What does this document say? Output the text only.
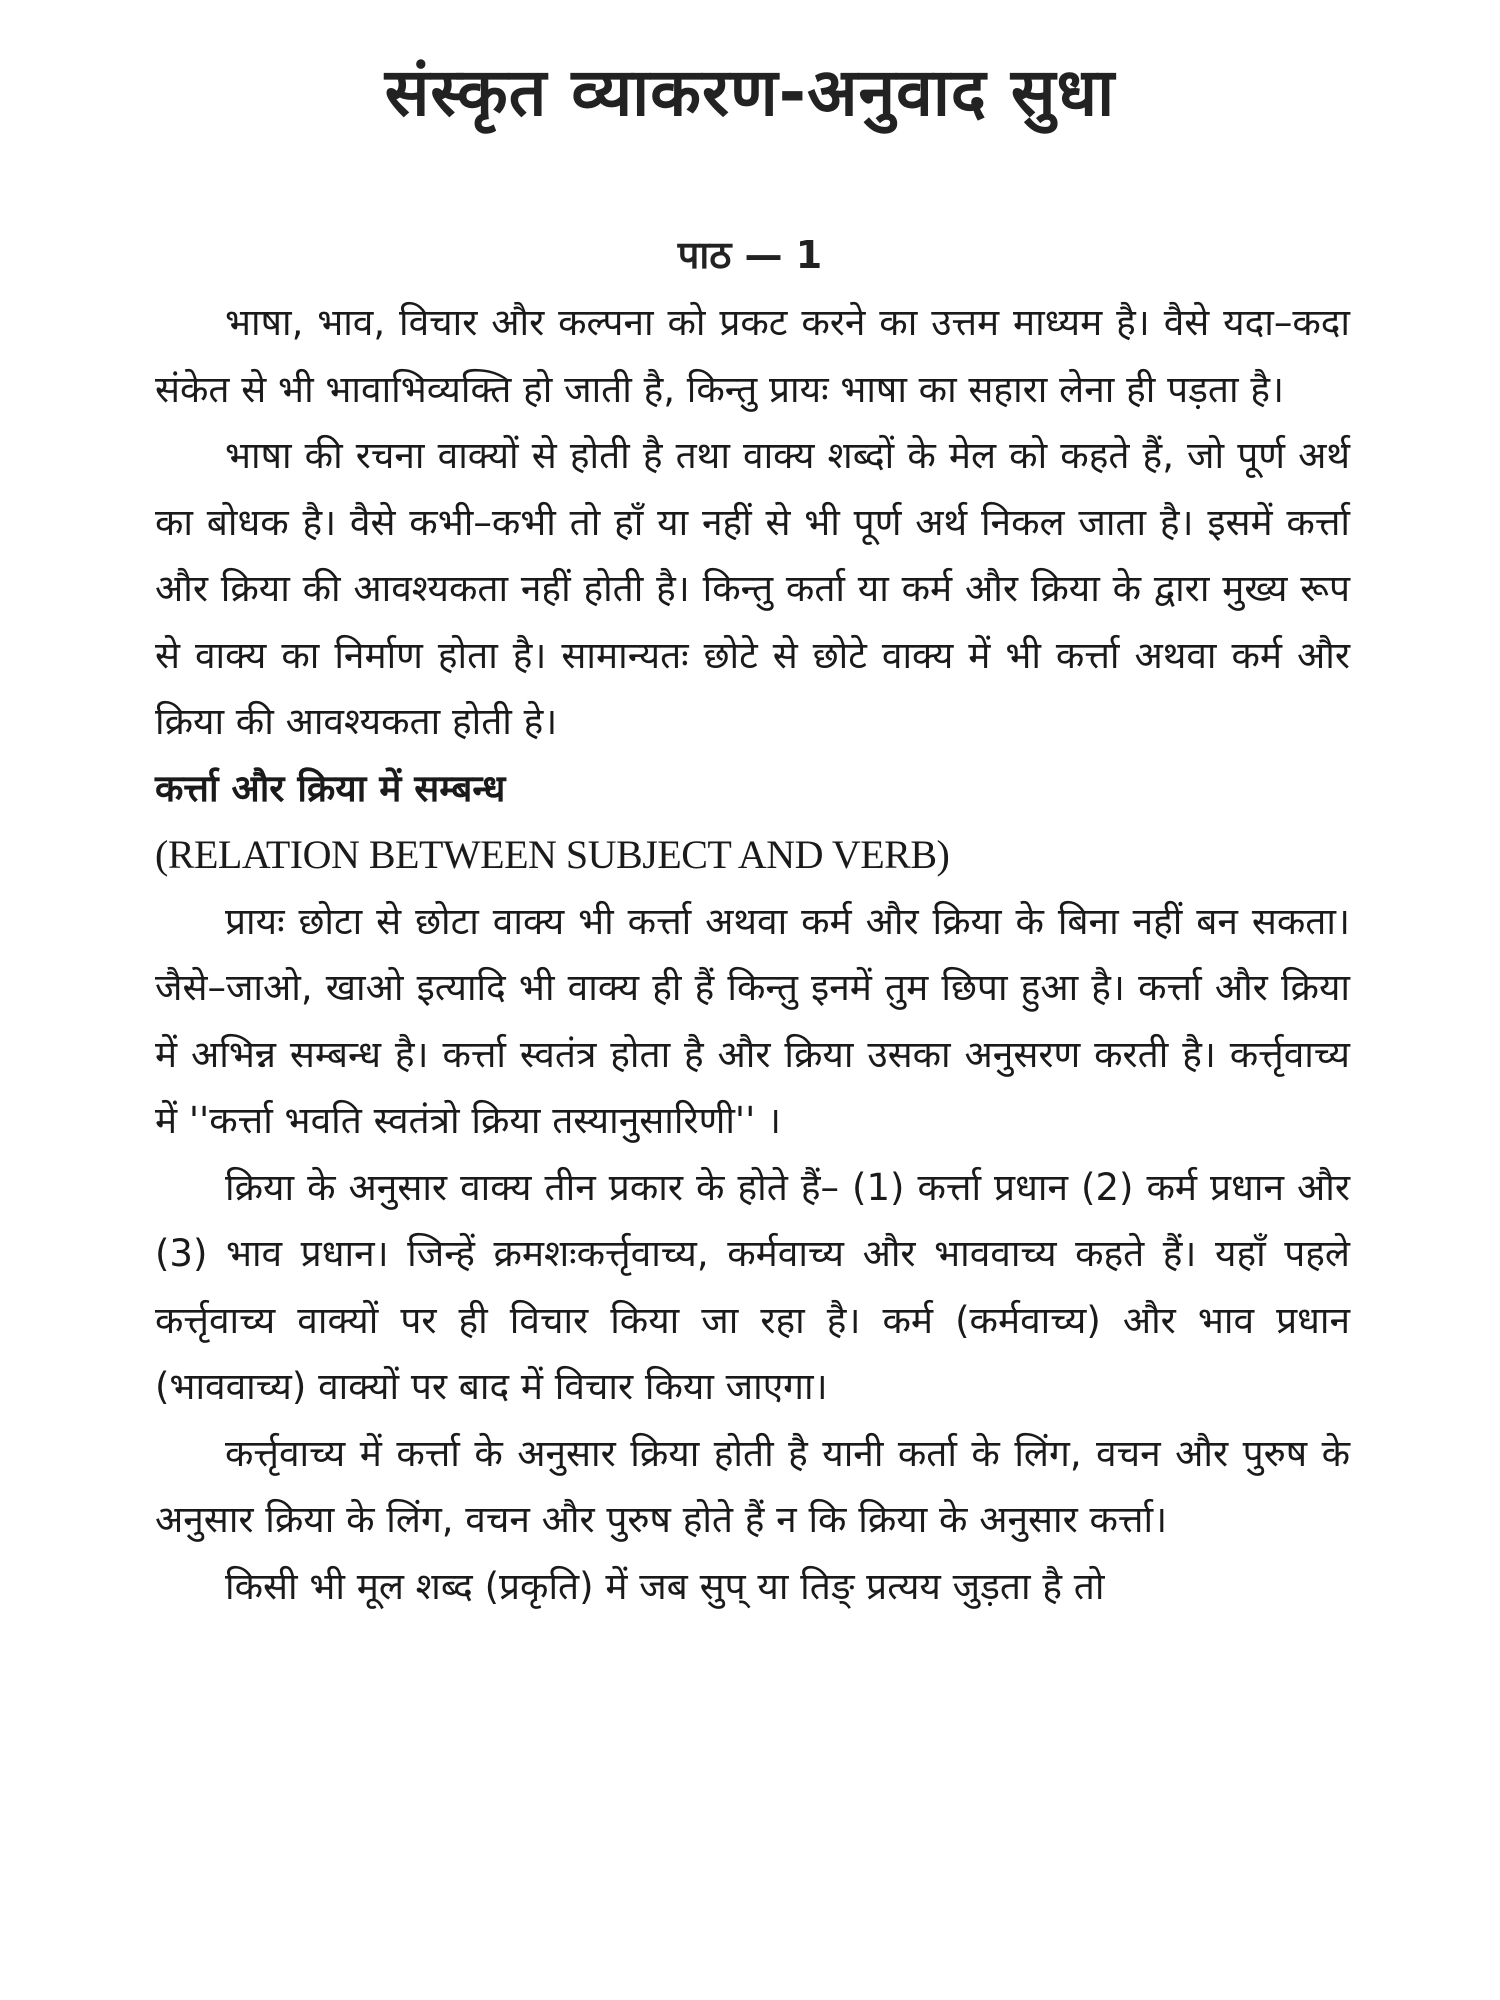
संस्कृत व्याकरण-अनुवाद सुधा
पाठ — 1

भाषा, भाव, विचार और कल्पना को प्रकट करने का उत्तम माध्यम है। वैसे यदा–कदा संकेत से भी भावाभिव्यक्ति हो जाती है, किन्तु प्रायः भाषा का सहारा लेना ही पड़ता है।

भाषा की रचना वाक्यों से होती है तथा वाक्य शब्दों के मेल को कहते हैं, जो पूर्ण अर्थ का बोधक है। वैसे कभी–कभी तो हाँ या नहीं से भी पूर्ण अर्थ निकल जाता है। इसमें कर्त्ता और क्रिया की आवश्यकता नहीं होती है। किन्तु कर्ता या कर्म और क्रिया के द्वारा मुख्य रूप से वाक्य का निर्माण होता है। सामान्यतः छोटे से छोटे वाक्य में भी कर्त्ता अथवा कर्म और क्रिया की आवश्यकता होती हे।

कर्त्ता और क्रिया में सम्बन्ध

(RELATION BETWEEN SUBJECT AND VERB)

प्रायः छोटा से छोटा वाक्य भी कर्त्ता अथवा कर्म और क्रिया के बिना नहीं बन सकता। जैसे–जाओ, खाओ इत्यादि भी वाक्य ही हैं किन्तु इनमें तुम छिपा हुआ है। कर्त्ता और क्रिया में अभिन्न सम्बन्ध है। कर्त्ता स्वतंत्र होता है और क्रिया उसका अनुसरण करती है। कर्त्तृवाच्य में ''कर्त्ता भवति स्वतंत्रो क्रिया तस्यानुसारिणी'' ।

क्रिया के अनुसार वाक्य तीन प्रकार के होते हैं– (1) कर्त्ता प्रधान (2) कर्म प्रधान और (3) भाव प्रधान। जिन्हें क्रमशःकर्त्तृवाच्य, कर्मवाच्य और भाववाच्य कहते हैं। यहाँ पहले कर्त्तृवाच्य वाक्यों पर ही विचार किया जा रहा है। कर्म (कर्मवाच्य) और भाव प्रधान (भाववाच्य) वाक्यों पर बाद में विचार किया जाएगा।

कर्त्तृवाच्य में कर्त्ता के अनुसार क्रिया होती है यानी कर्ता के लिंग, वचन और पुरुष के अनुसार क्रिया के लिंग, वचन और पुरुष होते हैं न कि क्रिया के अनुसार कर्त्ता।

किसी भी मूल शब्द (प्रकृति) में जब सुप् या तिङ् प्रत्यय जुड़ता है तो
